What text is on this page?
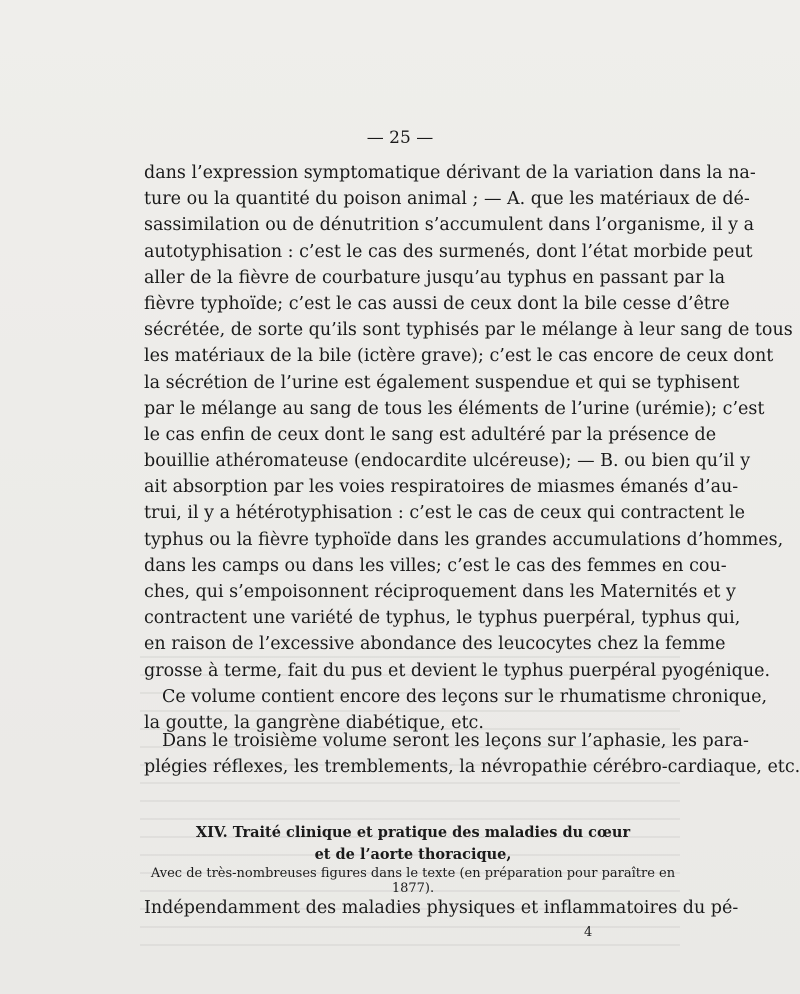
— 25 —
dans l’expression symptomatique dérivant de la variation dans la na-
ture ou la quantité du poison animal ; — A. que les matériaux de dé-
sassimilation ou de dénutrition s’accumulent dans l’organisme, il y a
autotyphisation : c’est le cas des surmenés, dont l’état morbide peut
aller de la fièvre de courbature jusqu’au typhus en passant par la
fièvre typhoïde; c’est le cas aussi de ceux dont la bile cesse d’être
sécrétée, de sorte qu’ils sont typhisés par le mélange à leur sang de tous
les matériaux de la bile (ictère grave); c’est le cas encore de ceux dont
la sécrétion de l’urine est également suspendue et qui se typhisent
par le mélange au sang de tous les éléments de l’urine (urémie); c’est
le cas enfin de ceux dont le sang est adultéré par la présence de
bouillie athéromateuse (endocardite ulcéreuse); — B. ou bien qu’il y
ait absorption par les voies respiratoires de miasmes émanés d’au-
trui, il y a hétérotyphisation : c’est le cas de ceux qui contractent le
typhus ou la fièvre typhoïde dans les grandes accumulations d’hommes,
dans les camps ou dans les villes; c’est le cas des femmes en cou-
ches, qui s’empoisonnent réciproquement dans les Maternités et y
contractent une variété de typhus, le typhus puerpéral, typhus qui,
en raison de l’excessive abondance des leucocytes chez la femme
grosse à terme, fait du pus et devient le typhus puerpéral pyogénique.
Ce volume contient encore des leçons sur le rhumatisme chronique,
la goutte, la gangrène diabétique, etc.
Dans le troisième volume seront les leçons sur l’aphasie, les para-
plégies réflexes, les tremblements, la névropathie cérébro-cardiaque, etc.
XIV. Traité clinique et pratique des maladies du cœur
et de l’aorte thoracique,
Avec de très-nombreuses figures dans le texte (en préparation pour paraître en 1877).
Indépendamment des maladies physiques et inflammatoires du pé-
4
